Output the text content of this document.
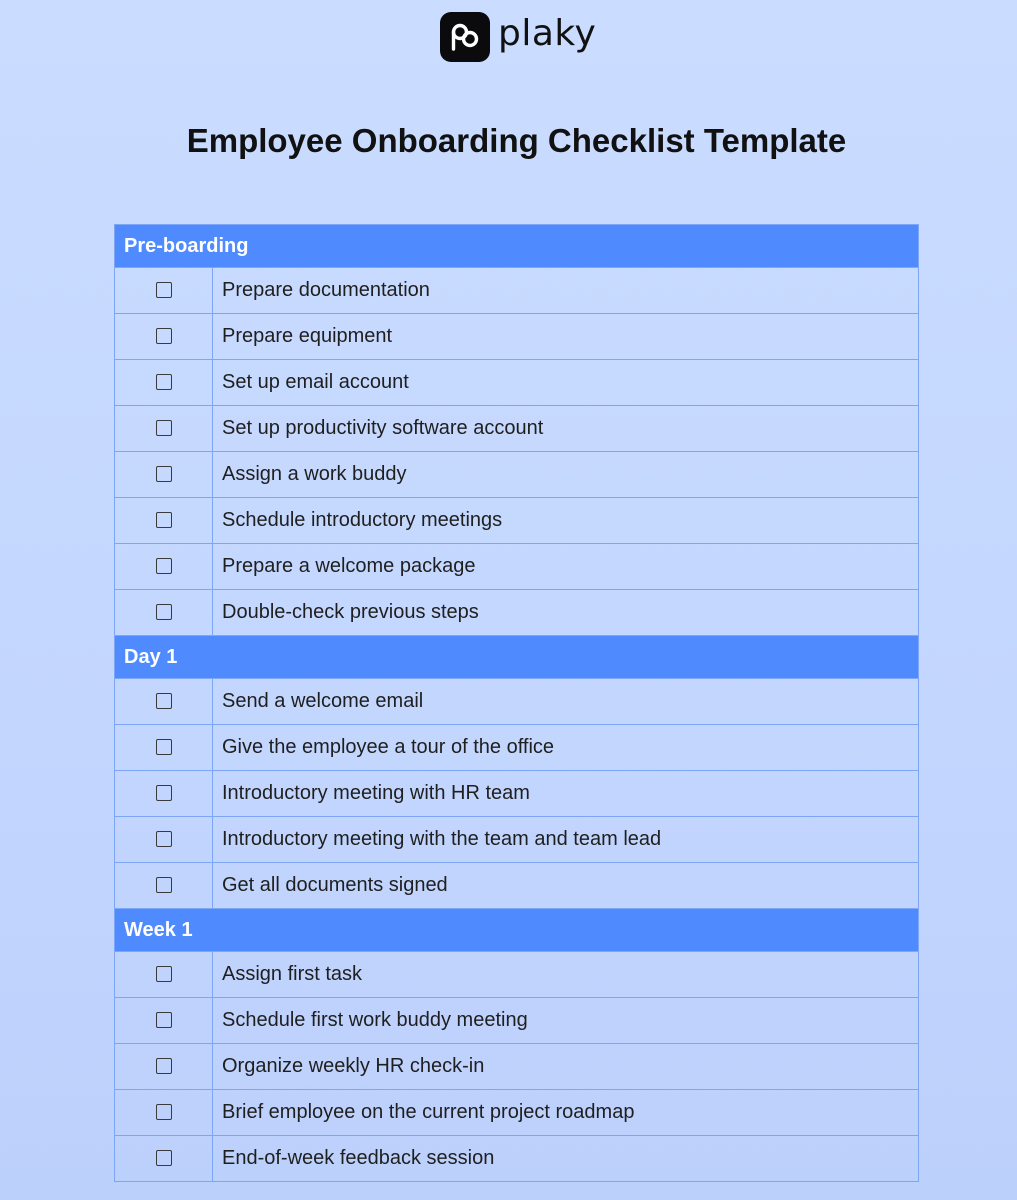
plaky
Employee Onboarding Checklist Template
Pre-boarding	
	Prepare documentation
	Prepare equipment
	Set up email account
	Set up productivity software account
	Assign a work buddy
	Schedule introductory meetings
	Prepare a welcome package
	Double-check previous steps
Day 1	
	Send a welcome email
	Give the employee a tour of the office
	Introductory meeting with HR team
	Introductory meeting with the team and team lead
	Get all documents signed
Week 1	
	Assign first task
	Schedule first work buddy meeting
	Organize weekly HR check-in
	Brief employee on the current project roadmap
	End-of-week feedback session
